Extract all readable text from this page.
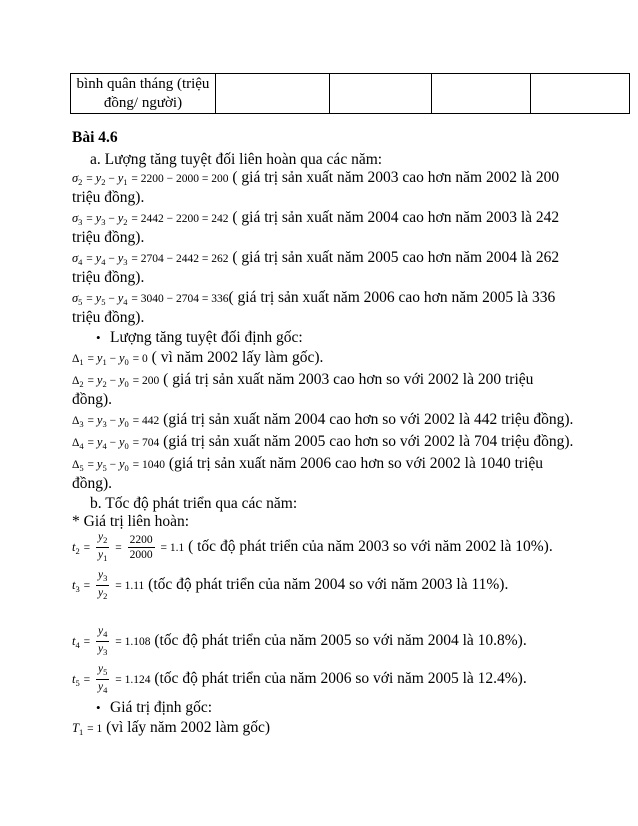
bình quân tháng (triệu
đồng/ người)

Bài 4.6
a. Lượng tăng tuyệt đối liên hoàn qua các năm:
$\sigma_2 = y_2 - y_1 = 2200 - 2000 = 200$ ( giá trị sản xuất năm 2003 cao hơn năm 2002 là 200
triệu đồng).
$\sigma_3 = y_3 - y_2 = 2442 - 2200 = 242$ ( giá trị sản xuất năm 2004 cao hơn năm 2003 là 242
triệu đồng).
$\sigma_4 = y_4 - y_3 = 2704 - 2442 = 262$ ( giá trị sản xuất năm 2005 cao hơn năm 2004 là 262
triệu đồng).
$\sigma_5 = y_5 - y_4 = 3040 - 2704 = 336$( giá trị sản xuất năm 2006 cao hơn năm 2005 là 336
triệu đồng).
• Lượng tăng tuyệt đối định gốc:
$\Delta_1 = y_1 - y_0 = 0$ ( vì năm 2002 lấy làm gốc).
$\Delta_2 = y_2 - y_0 = 200$ ( giá trị sản xuất năm 2003 cao hơn so với 2002 là 200 triệu
đồng).
$\Delta_3 = y_3 - y_0 = 442$ (giá trị sản xuất năm 2004 cao hơn so với 2002 là 442 triệu đồng).
$\Delta_4 = y_4 - y_0 = 704$ (giá trị sản xuất năm 2005 cao hơn so với 2002 là 704 triệu đồng).
$\Delta_5 = y_5 - y_0 = 1040$ (giá trị sản xuất năm 2006 cao hơn so với 2002 là 1040 triệu
đồng).
b. Tốc độ phát triển qua các năm:
* Giá trị liên hoàn:
$t_2 = \frac{y_2}{y_1} = \frac{2200}{2000} = 1.1$ ( tốc độ phát triển của năm 2003 so với năm 2002 là 10%).
$t_3 = \frac{y_3}{y_2} = 1.11$ (tốc độ phát triển của năm 2004 so với năm 2003 là 11%).
$t_4 = \frac{y_4}{y_3} = 1.108$ (tốc độ phát triển của năm 2005 so với năm 2004 là 10.8%).
$t_5 = \frac{y_5}{y_4} = 1.124$ (tốc độ phát triển của năm 2006 so với năm 2005 là 12.4%).
• Giá trị định gốc:
$T_1 = 1$ (vì lấy năm 2002 làm gốc)
